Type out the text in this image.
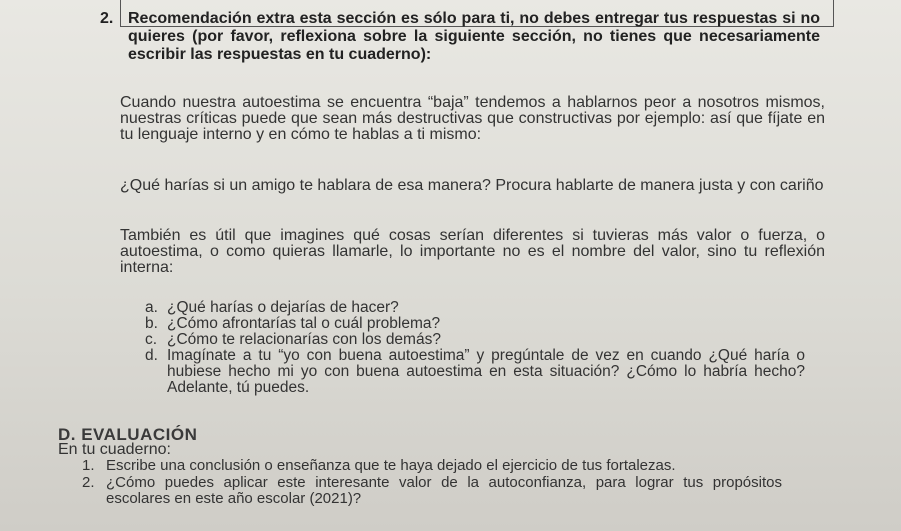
2. Recomendación extra esta sección es sólo para ti, no debes entregar tus respuestas si no quieres (por favor, reflexiona sobre la siguiente sección, no tienes que necesariamente escribir las respuestas en tu cuaderno):
Cuando nuestra autoestima se encuentra “baja” tendemos a hablarnos peor a nosotros mismos, nuestras críticas puede que sean más destructivas que constructivas por ejemplo: así que fíjate en tu lenguaje interno y en cómo te hablas a ti mismo:
¿Qué harías si un amigo te hablara de esa manera? Procura hablarte de manera justa y con cariño
También es útil que imagines qué cosas serían diferentes si tuvieras más valor o fuerza, o autoestima, o como quieras llamarle, lo importante no es el nombre del valor, sino tu reflexión interna:
a. ¿Qué harías o dejarías de hacer?
b. ¿Cómo afrontarías tal o cuál problema?
c. ¿Cómo te relacionarías con los demás?
d. Imagínate a tu “yo con buena autoestima” y pregúntale de vez en cuando ¿Qué haría o hubiese hecho mi yo con buena autoestima en esta situación? ¿Cómo lo habría hecho? Adelante, tú puedes.
D. EVALUACIÓN
En tu cuaderno:
1. Escribe una conclusión o enseñanza que te haya dejado el ejercicio de tus fortalezas.
2. ¿Cómo puedes aplicar este interesante valor de la autoconfianza, para lograr tus propósitos escolares en este año escolar (2021)?
